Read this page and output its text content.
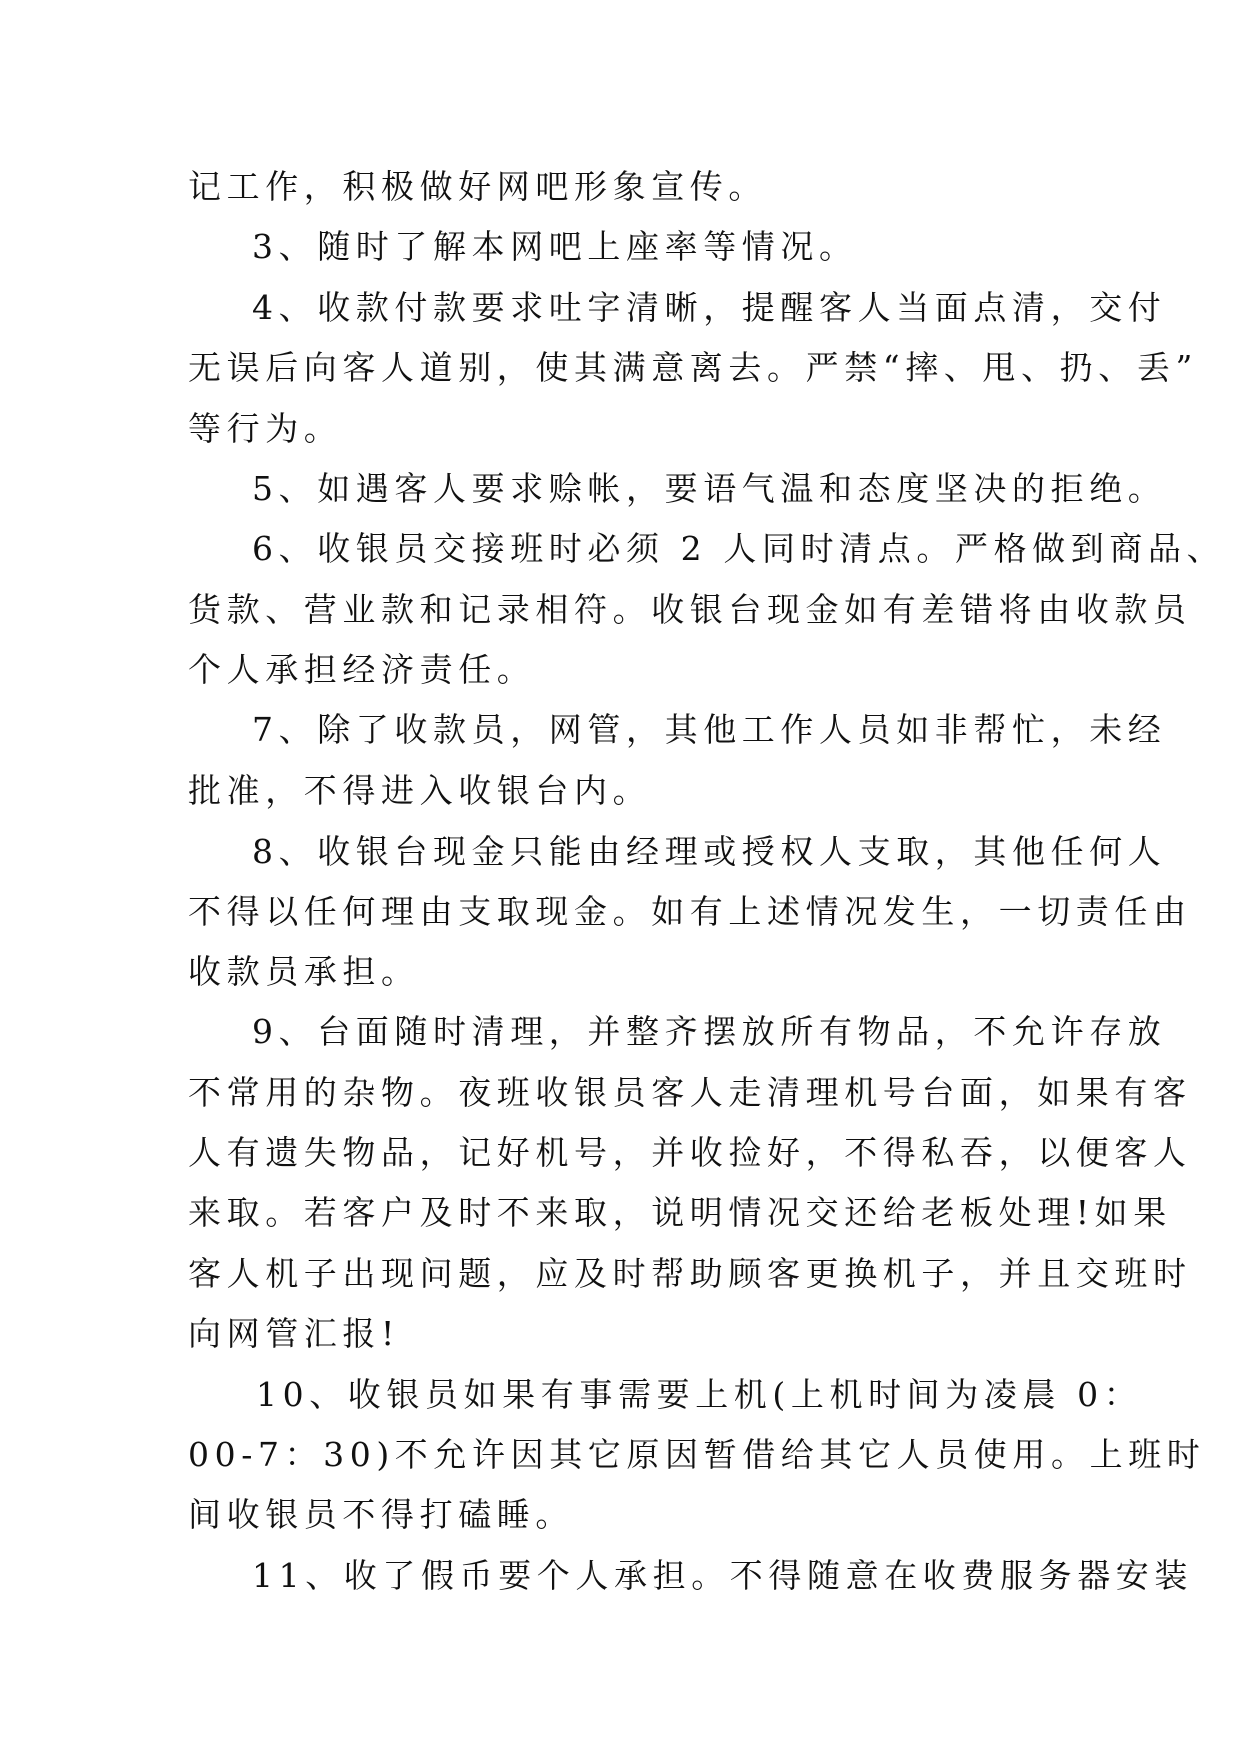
记工作，积极做好网吧形象宣传。
3、随时了解本网吧上座率等情况。
4、收款付款要求吐字清晰，提醒客人当面点清，交付
无误后向客人道别，使其满意离去。严禁“摔、甩、扔、丢”
等行为。
5、如遇客人要求赊帐，要语气温和态度坚决的拒绝。
6、收银员交接班时必须 2 人同时清点。严格做到商品、
货款、营业款和记录相符。收银台现金如有差错将由收款员
个人承担经济责任。
7、除了收款员，网管，其他工作人员如非帮忙，未经
批准，不得进入收银台内。
8、收银台现金只能由经理或授权人支取，其他任何人
不得以任何理由支取现金。如有上述情况发生，一切责任由
收款员承担。
9、台面随时清理，并整齐摆放所有物品，不允许存放
不常用的杂物。夜班收银员客人走清理机号台面，如果有客
人有遗失物品，记好机号，并收捡好，不得私吞，以便客人
来取。若客户及时不来取，说明情况交还给老板处理!如果
客人机子出现问题，应及时帮助顾客更换机子，并且交班时
向网管汇报!
10、收银员如果有事需要上机(上机时间为凌晨 0：
00-7：30)不允许因其它原因暂借给其它人员使用。上班时
间收银员不得打磕睡。
11、收了假币要个人承担。不得随意在收费服务器安装
